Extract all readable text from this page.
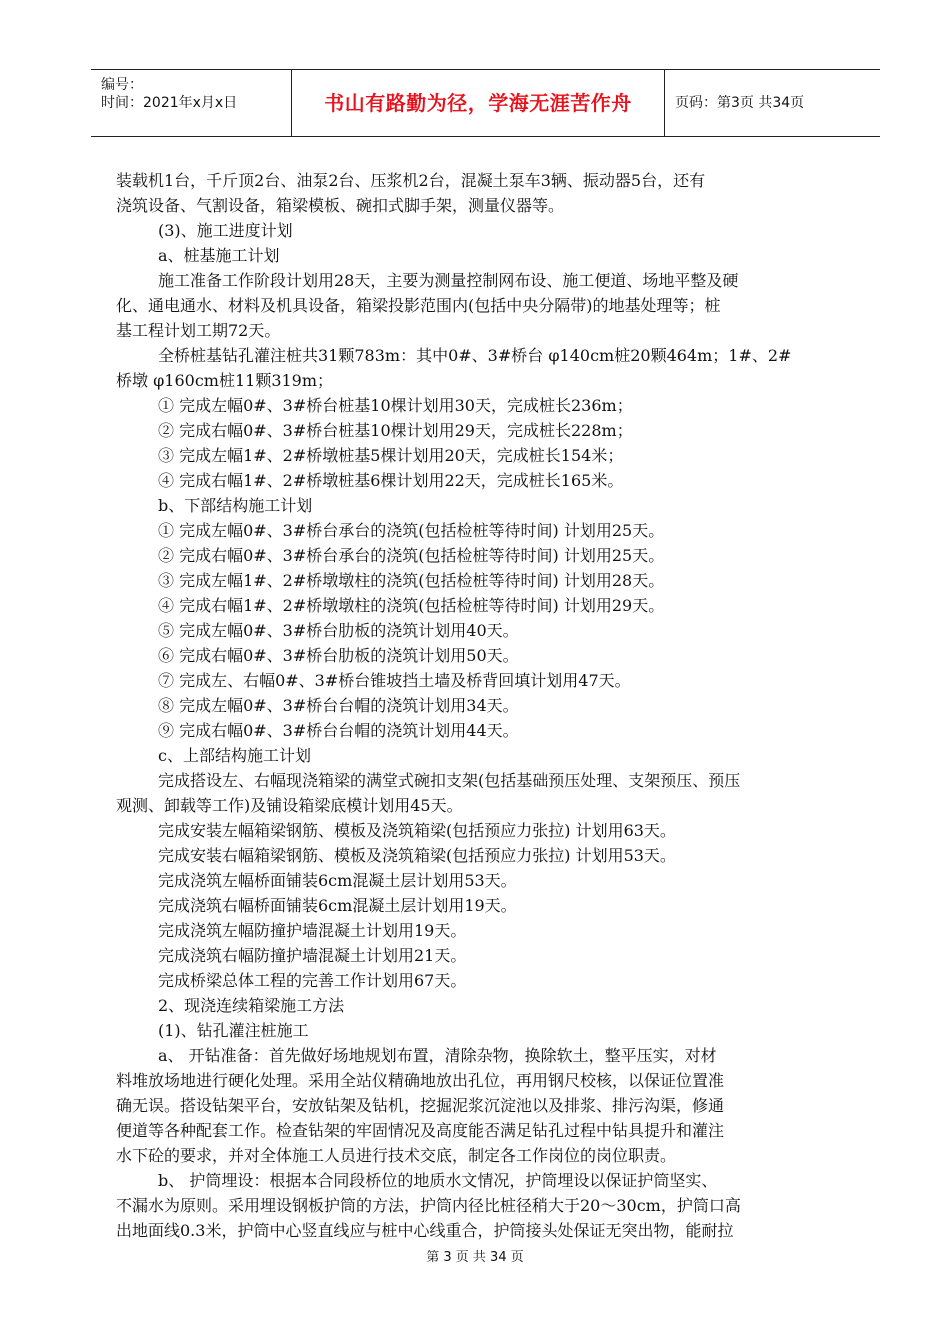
编号：
时间：2021年x月x日	书山有路勤为径，学海无涯苦作舟	页码：第3页 共34页

装载机1台，千斤顶2台、油泵2台、压浆机2台，混凝土泵车3辆、振动器5台，还有

浇筑设备、气割设备，箱梁模板、碗扣式脚手架，测量仪器等。

(3)、施工进度计划

a、桩基施工计划

施工准备工作阶段计划用28天，主要为测量控制网布设、施工便道、场地平整及硬

化、通电通水、材料及机具设备，箱梁投影范围内(包括中央分隔带)的地基处理等；桩

基工程计划工期72天。

全桥桩基钻孔灌注桩共31颗783m：其中0#、3#桥台 φ140cm桩20颗464m；1#、2#

桥墩 φ160cm桩11颗319m；

① 完成左幅0#、3#桥台桩基10棵计划用30天，完成桩长236m；

② 完成右幅0#、3#桥台桩基10棵计划用29天，完成桩长228m；

③ 完成左幅1#、2#桥墩桩基5棵计划用20天，完成桩长154米；

④ 完成右幅1#、2#桥墩桩基6棵计划用22天，完成桩长165米。

b、下部结构施工计划

① 完成左幅0#、3#桥台承台的浇筑(包括检桩等待时间) 计划用25天。

② 完成右幅0#、3#桥台承台的浇筑(包括检桩等待时间) 计划用25天。

③ 完成左幅1#、2#桥墩墩柱的浇筑(包括检桩等待时间) 计划用28天。

④ 完成右幅1#、2#桥墩墩柱的浇筑(包括检桩等待时间) 计划用29天。

⑤ 完成左幅0#、3#桥台肋板的浇筑计划用40天。

⑥ 完成右幅0#、3#桥台肋板的浇筑计划用50天。

⑦ 完成左、右幅0#、3#桥台锥坡挡土墙及桥背回填计划用47天。

⑧ 完成左幅0#、3#桥台台帽的浇筑计划用34天。

⑨ 完成右幅0#、3#桥台台帽的浇筑计划用44天。

c、上部结构施工计划

完成搭设左、右幅现浇箱梁的满堂式碗扣支架(包括基础预压处理、支架预压、预压

观测、卸载等工作)及铺设箱梁底模计划用45天。

完成安装左幅箱梁钢筋、模板及浇筑箱梁(包括预应力张拉) 计划用63天。

完成安装右幅箱梁钢筋、模板及浇筑箱梁(包括预应力张拉) 计划用53天。

完成浇筑左幅桥面铺装6cm混凝土层计划用53天。

完成浇筑右幅桥面铺装6cm混凝土层计划用19天。

完成浇筑左幅防撞护墙混凝土计划用19天。

完成浇筑右幅防撞护墙混凝土计划用21天。

完成桥梁总体工程的完善工作计划用67天。

2、现浇连续箱梁施工方法

(1)、钻孔灌注桩施工

a、 开钻准备：首先做好场地规划布置，清除杂物，换除软土，整平压实，对材

料堆放场地进行硬化处理。采用全站仪精确地放出孔位，再用钢尺校核，以保证位置准

确无误。搭设钻架平台，安放钻架及钻机，挖掘泥浆沉淀池以及排浆、排污沟渠，修通

便道等各种配套工作。检查钻架的牢固情况及高度能否满足钻孔过程中钻具提升和灌注

水下砼的要求，并对全体施工人员进行技术交底，制定各工作岗位的岗位职责。

b、 护筒埋设：根据本合同段桥位的地质水文情况，护筒埋设以保证护筒坚实、

不漏水为原则。采用埋设钢板护筒的方法，护筒内径比桩径稍大于20～30cm，护筒口高

出地面线0.3米，护筒中心竖直线应与桩中心线重合，护筒接头处保证无突出物，能耐拉

第 3 页 共 34 页
